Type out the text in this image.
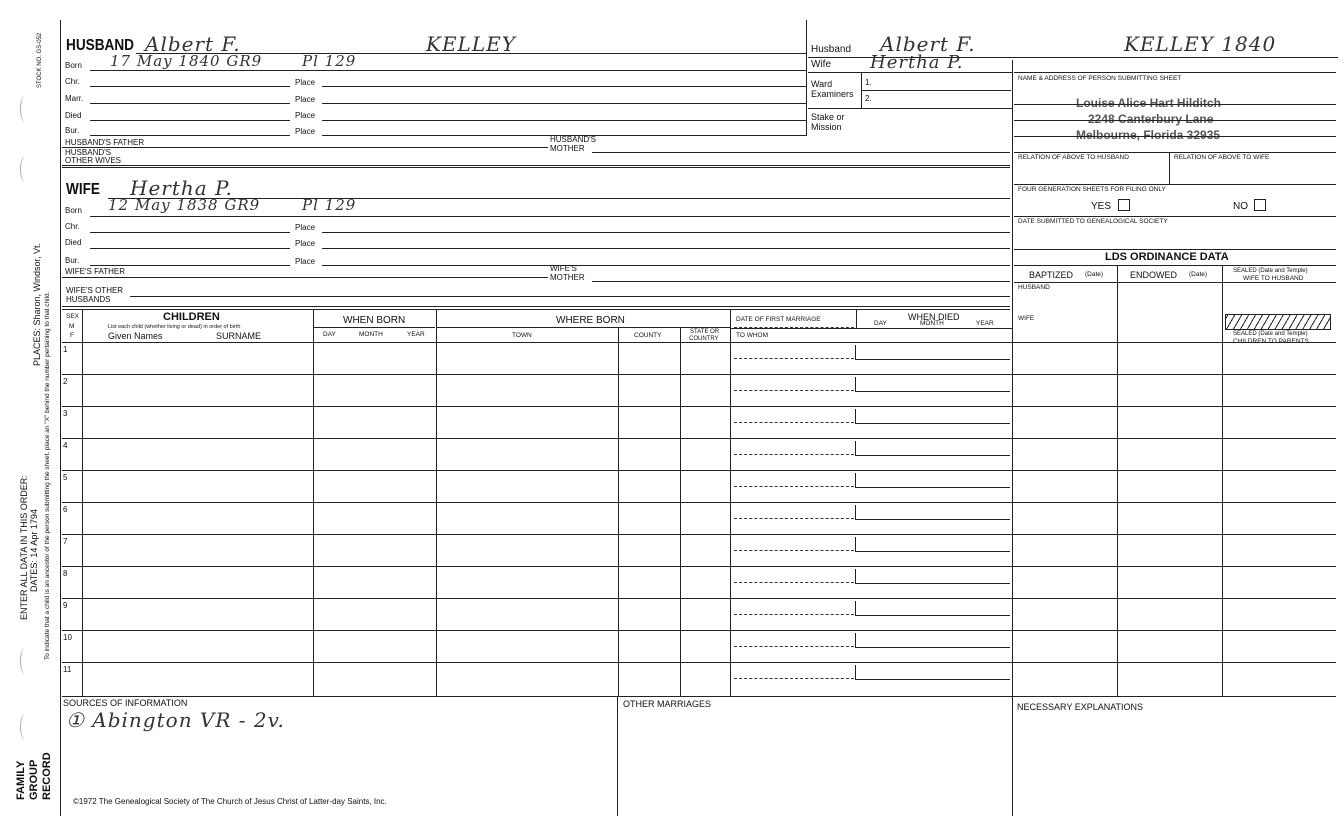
STOCK NO. GS-052
PLACES: Sharon, Windsor, Vt.
ENTER ALL DATA IN THIS ORDER: DATES: 14 Apr 1794 To indicate that a child is an ancestor of the person submitting the sheet, place an "X" behind the number pertaining to that child.
FAMILY GROUP RECORD
HUSBAND Albert F.	KELLEY
Born 17 May 1840 GR9	Pl 129
Chr.	Place
Marr.	Place
Died	Place
Bur.	Place
HUSBAND'S FATHER	HUSBAND'S
MOTHER
HUSBAND'S
OTHER WIVES
WIFE Hertha P.
Born 12 May 1838 GR9	Pl 129
Chr.	Place
Died	Place
Bur.	Place
WIFE'S FATHER	WIFE'S
MOTHER
WIFE'S OTHER
HUSBANDS
Husband Albert F.	KELLEY 1840
Wife Hertha P.
Ward
Examiners
1.
2.
Stake or
Mission
NAME & ADDRESS OF PERSON SUBMITTING SHEET
Louise Alice Hart Hilditch
2248 Canterbury Lane
Melbourne, Florida 32935
RELATION OF ABOVE TO HUSBAND	RELATION OF ABOVE TO WIFE
FOUR GENERATION SHEETS FOR FILING ONLY
YES	NO
DATE SUBMITTED TO GENEALOGICAL SOCIETY
LDS ORDINANCE DATA
BAPTIZED (Date)	ENDOWED (Date)	SEALED (Date and Temple)
WIFE TO HUSBAND
HUSBAND
WIFE
SEALED (Date and Temple)
CHILDREN TO PARENTS
SEX
M
F
CHILDREN
List each child (whether living or dead) in order of birth
Given Names	SURNAME
WHEN BORN
DAY	MONTH	YEAR
WHERE BORN
TOWN	COUNTY	STATE OR
COUNTRY
DATE OF FIRST MARRIAGE
TO WHOM
WHEN DIED
DAY	MONTH	YEAR
1
2
3
4
5
6
7
8
9
10
11
SOURCES OF INFORMATION
① Abington VR - 2v.
OTHER MARRIAGES	NECESSARY EXPLANATIONS
©1972 The Genealogical Society of The Church of Jesus Christ of Latter-day Saints, Inc.
